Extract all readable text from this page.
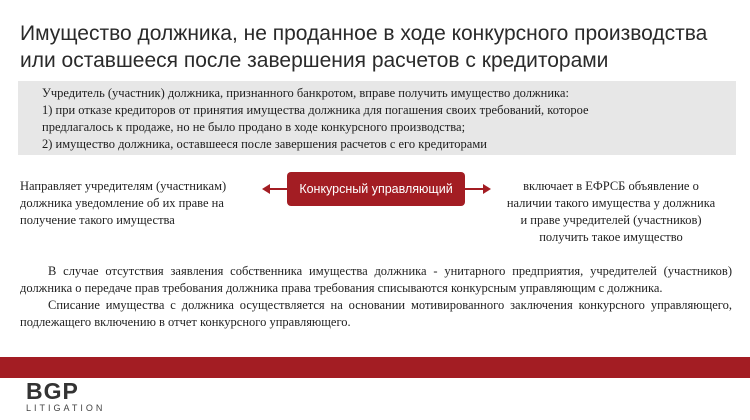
Имущество должника, не проданное в ходе конкурсного производства
или оставшееся после завершения расчетов с кредиторами
Учредитель (участник) должника, признанного банкротом, вправе получить имущество должника:
1) при отказе кредиторов от принятия имущества должника для погашения своих требований, которое
предлагалось к продаже, но не было продано в ходе конкурсного производства;
2) имущество должника, оставшееся после завершения расчетов с его кредиторами
Направляет учредителям (участникам)
должника уведомление об их праве на
получение такого имущества
Конкурсный управляющий	включает в ЕФРСБ объявление о
наличии такого имущества у должника
и праве учредителей (участников)
получить такое имущество

В случае отсутствия заявления собственника имущества должника - унитарного предприятия, учредителей (участников) должника о передаче прав требования должника права требования списываются конкурсным управляющим с должника.

Списание имущества с должника осуществляется на основании мотивированного заключения конкурсного управляющего, подлежащего включению в отчет конкурсного управляющего.

BGP
LITIGATION
